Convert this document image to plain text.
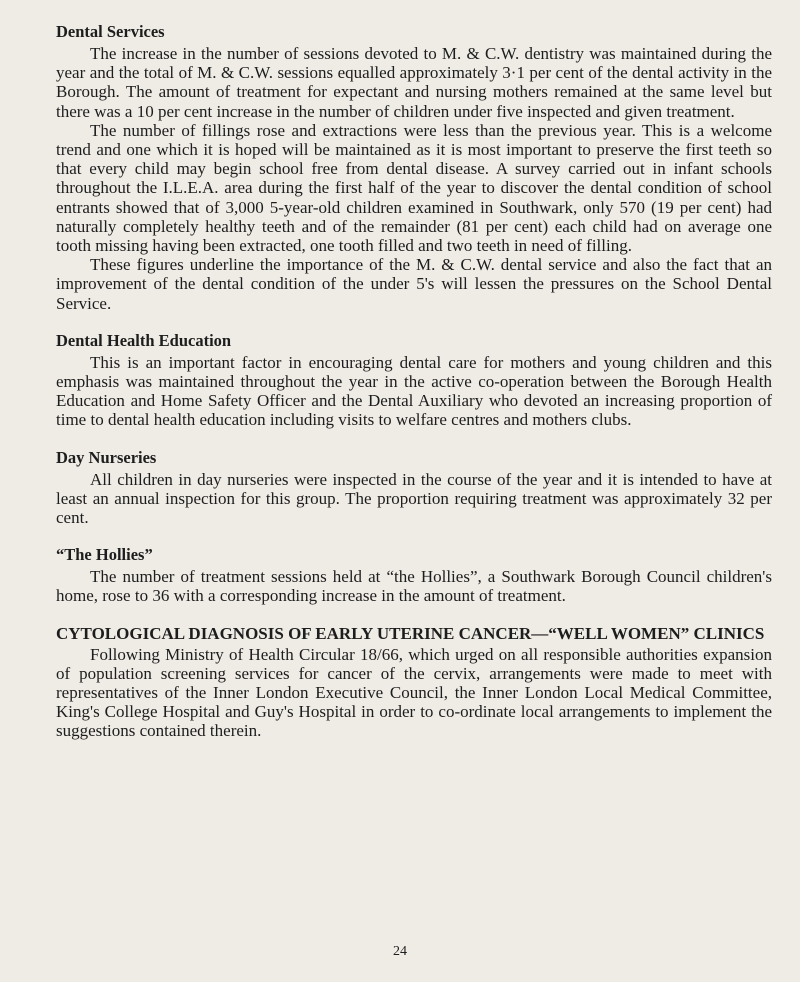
Dental Services

The increase in the number of sessions devoted to M. & C.W. dentistry was maintained during the year and the total of M. & C.W. sessions equalled approximately 3·1 per cent of the dental activity in the Borough. The amount of treatment for expectant and nursing mothers remained at the same level but there was a 10 per cent increase in the number of children under five inspected and given treatment.

The number of fillings rose and extractions were less than the previous year. This is a welcome trend and one which it is hoped will be maintained as it is most important to preserve the first teeth so that every child may begin school free from dental disease. A survey carried out in infant schools throughout the I.L.E.A. area during the first half of the year to discover the dental condition of school entrants showed that of 3,000 5-year-old children examined in Southwark, only 570 (19 per cent) had naturally completely healthy teeth and of the remainder (81 per cent) each child had on average one tooth missing having been extracted, one tooth filled and two teeth in need of filling.

These figures underline the importance of the M. & C.W. dental service and also the fact that an improvement of the dental condition of the under 5's will lessen the pressures on the School Dental Service.

Dental Health Education

This is an important factor in encouraging dental care for mothers and young children and this emphasis was maintained throughout the year in the active co-operation between the Borough Health Education and Home Safety Officer and the Dental Auxiliary who devoted an increasing proportion of time to dental health education including visits to welfare centres and mothers clubs.

Day Nurseries

All children in day nurseries were inspected in the course of the year and it is intended to have at least an annual inspection for this group. The proportion requiring treatment was approximately 32 per cent.

“The Hollies”

The number of treatment sessions held at “the Hollies”, a Southwark Borough Council children's home, rose to 36 with a corresponding increase in the amount of treatment.

CYTOLOGICAL DIAGNOSIS OF EARLY UTERINE CANCER—“WELL WOMEN” CLINICS

Following Ministry of Health Circular 18/66, which urged on all responsible authorities expansion of population screening services for cancer of the cervix, arrangements were made to meet with representatives of the Inner London Executive Council, the Inner London Local Medical Committee, King's College Hospital and Guy's Hospital in order to co-ordinate local arrangements to implement the suggestions contained therein.

24
